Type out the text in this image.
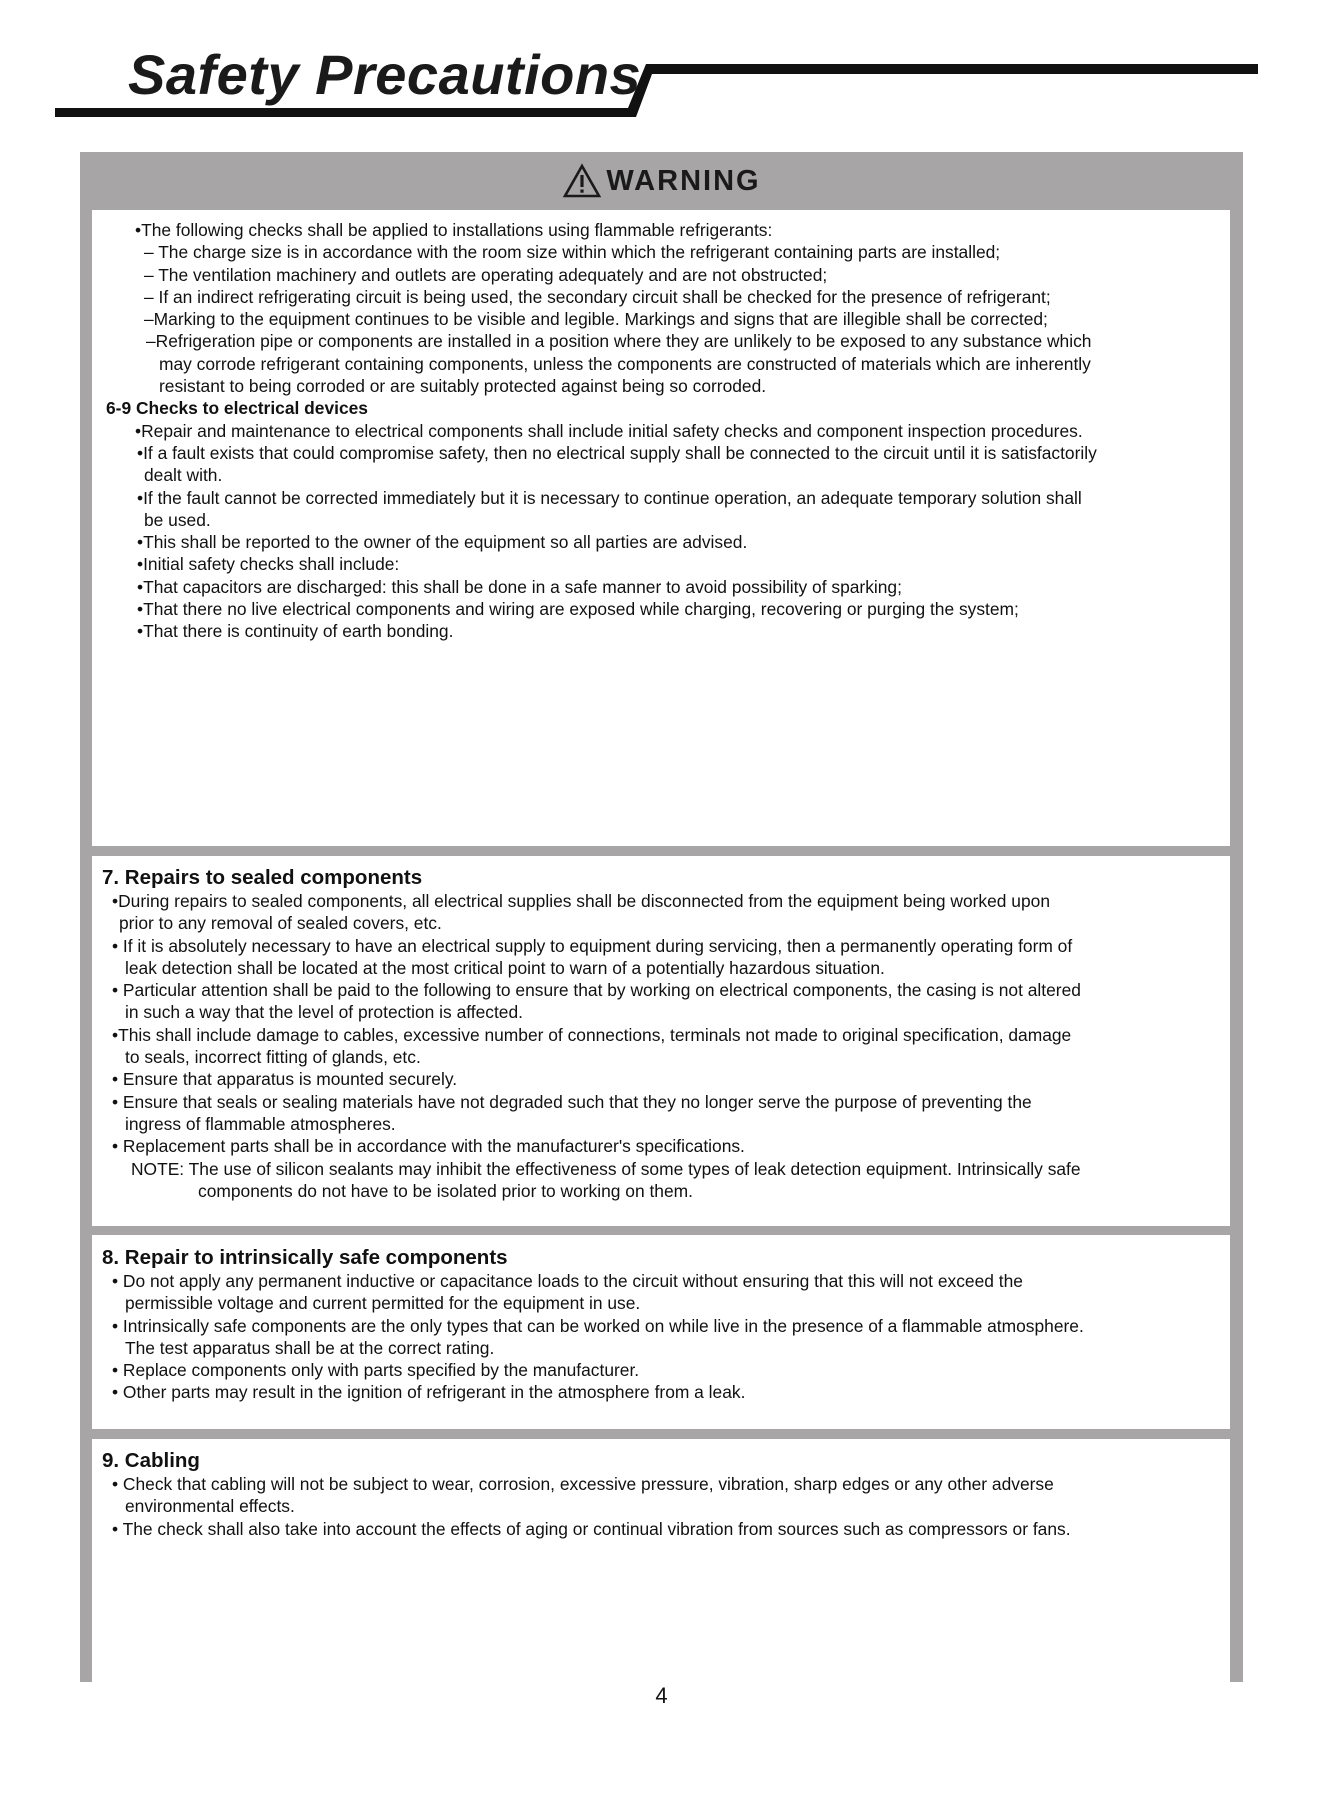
Safety Precautions
WARNING
•The following checks shall be applied to installations using flammable refrigerants:
– The charge size is in accordance with the room size within which the refrigerant containing parts are installed;
– The ventilation machinery and outlets are operating adequately and are not obstructed;
– If an indirect refrigerating circuit is being used, the secondary circuit shall be checked for the presence of refrigerant;
–Marking to the equipment continues to be visible and legible. Markings and signs that are illegible shall be corrected;
–Refrigeration pipe or components are installed in a position where they are unlikely to be exposed to any substance which
may corrode refrigerant containing components, unless the components are constructed of materials which are inherently
resistant to being corroded or are suitably protected against being so corroded.
6-9 Checks to electrical devices
•Repair and maintenance to electrical components shall include initial safety checks and component inspection procedures.
•If a fault exists that could compromise safety, then no electrical supply shall be connected to the circuit until it is satisfactorily
dealt with.
•If the fault cannot be corrected immediately but it is necessary to continue operation, an adequate temporary solution shall
be used.
•This shall be reported to the owner of the equipment so all parties are advised.
•Initial safety checks shall include:
•That capacitors are discharged: this shall be done in a safe manner to avoid possibility of sparking;
•That there no live electrical components and wiring are exposed while charging, recovering or purging the system;
•That there is continuity of earth bonding.
7. Repairs to sealed components
•During repairs to sealed components, all electrical supplies shall be disconnected from the equipment being worked upon
prior to any removal of sealed covers, etc.
• If it is absolutely necessary to have an electrical supply to equipment during servicing, then a permanently operating form of
leak detection shall be located at the most critical point to warn of a potentially hazardous situation.
• Particular attention shall be paid to the following to ensure that by working on electrical components, the casing is not altered
in such a way that the level of protection is affected.
•This shall include damage to cables, excessive number of connections, terminals not made to original specification, damage
to seals, incorrect fitting of glands, etc.
• Ensure that apparatus is mounted securely.
• Ensure that seals or sealing materials have not degraded such that they no longer serve the purpose of preventing the
ingress of flammable atmospheres.
• Replacement parts shall be in accordance with the manufacturer's specifications.
NOTE: The use of silicon sealants may inhibit the effectiveness of some types of leak detection equipment. Intrinsically safe
components do not have to be isolated prior to working on them.
8. Repair to intrinsically safe components
• Do not apply any permanent inductive or capacitance loads to the circuit without ensuring that this will not exceed the
permissible voltage and current permitted for the equipment in use.
• Intrinsically safe components are the only types that can be worked on while live in the presence of a flammable atmosphere.
The test apparatus shall be at the correct rating.
• Replace components only with parts specified by the manufacturer.
• Other parts may result in the ignition of refrigerant in the atmosphere from a leak.
9. Cabling
• Check that cabling will not be subject to wear, corrosion, excessive pressure, vibration, sharp edges or any other adverse
environmental effects.
• The check shall also take into account the effects of aging or continual vibration from sources such as compressors or fans.
4
